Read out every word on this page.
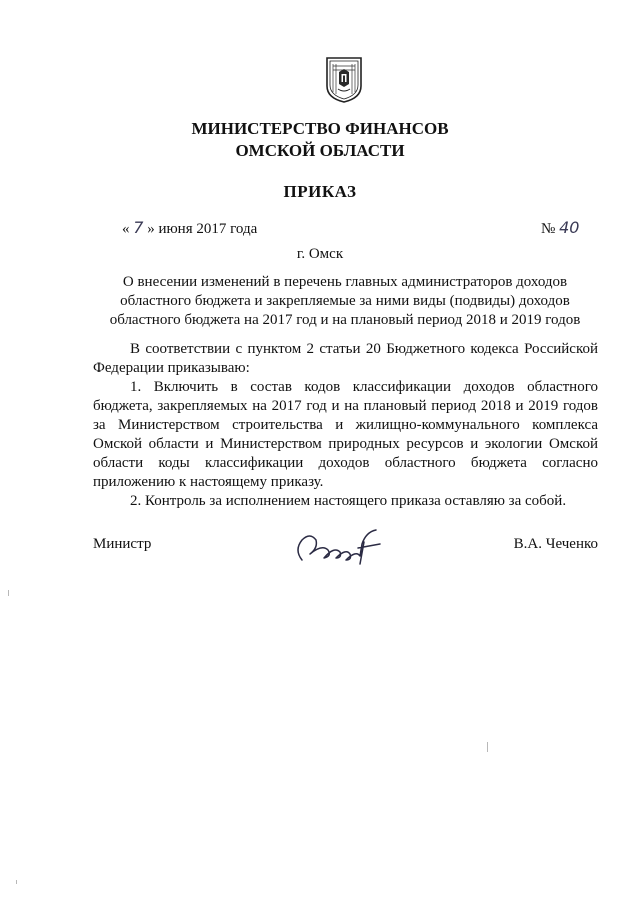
МИНИСТЕРСТВО ФИНАНСОВ
ОМСКОЙ ОБЛАСТИ
ПРИКАЗ
« 7 » июня 2017 года	№ 40
г. Омск
О внесении изменений в перечень главных администраторов доходов
областного бюджета и закрепляемые за ними виды (подвиды) доходов
областного бюджета на 2017 год и на плановый период 2018 и 2019 годов

В соответствии с пунктом 2 статьи 20 Бюджетного кодекса Российской Федерации приказываю:

1. Включить в состав кодов классификации доходов областного бюджета, закрепляемых на 2017 год и на плановый период 2018 и 2019 годов за Министерством строительства и жилищно-коммунального комплекса Омской области и Министерством природных ресурсов и экологии Омской области коды классификации доходов областного бюджета согласно приложению к настоящему приказу.

2. Контроль за исполнением настоящего приказа оставляю за собой.

Министр	В.А. Чеченко
